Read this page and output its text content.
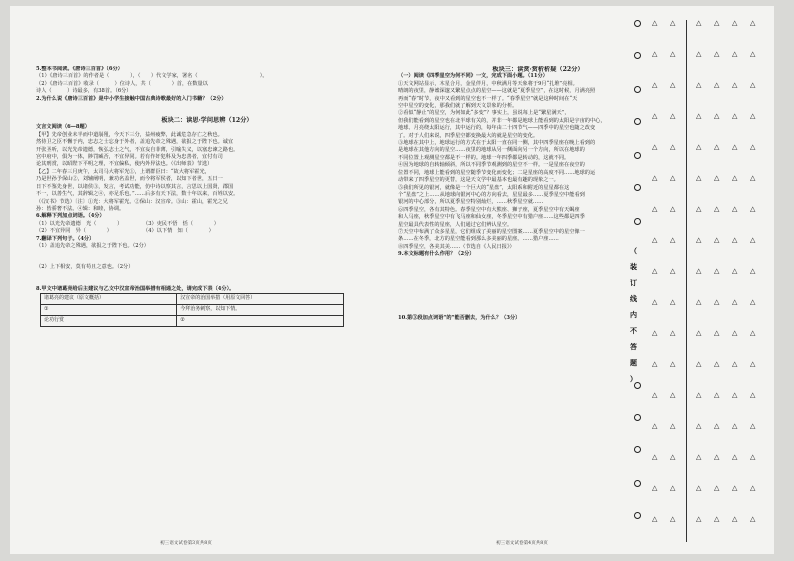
5.整本书阅读。《唐诗三百首》（6分）

（1）《唐诗三百首》的作者是（　　　　），（　　）代文学家，署名（　　　　　　　　　　　　）。

（2）《唐诗三百首》收录（　　　）位诗人，共（　　　　）首，在数量以

诗人（　　　）诗最多，有38首。（6分）

2.为什么说《唐诗三百首》是中小学生接触中国古典诗歌最好的入门书籍？（2分）

板块二：读思·学问思辨（12分）

文言文阅读（6—8题）

【甲】先帝创业未半而中道崩殂，今天下三分，益州疲弊，此诚危急存亡之秋也。

然侍卫之臣不懈于内，忠志之士忘身于外者，盖追先帝之殊遇，欲报之于陛下也。诚宜

开张圣听，以光先帝遗德，恢弘志士之气，不宜妄自菲薄，引喻失义，以塞忠谏之路也。

宫中府中，俱为一体，陟罚臧否，不宜异同。若有作奸犯科及为忠善者，宜付有司

论其刑赏，以昭陛下平明之理，不宜偏私，使内外异法也。（《出师表》节选）

【乙】二年春三月庚午，太司马大将军光①，上谓群臣曰：“故大将军霍光，

乃是世孙予保山②，刘辅阐明，兼功名盖世，而今将军侯者，以知下者世，五日一

日下不鉴先身世，以诸侯③，发言，考试功能，仿中诗以察其言，言思以上国贤，郡国

不一，以善生气，其辞辑之④，亦足乐也。”……后多有天下法，数十年以来，百姓以安。

（《汉书》节选）〔注〕①光：大将军霍光。②保山：汉宣帝。③山：霍山，霍光之兄

孙：皆骄奢不法。④辑：和睦，协调。

6.解释下列加点词语。（4分）

（1）以光先帝遗德　光（　　　　）　　　　　（3）吏民不悟　恬（　　　　）

（2）不宜异同　异（　　　　）　　　　　　　（4）以下情　知（　　　　）

7.翻译下列句子。（4分）

（1）盖追先帝之殊遇，欲报之于陛下也。（2分）

（2）上下相安，莫有苟且之意也。（2分）

8.甲文中诸葛亮给后主建议与乙文中汉宣帝治国举措有相通之处，请完成下表（4分）。

诸葛亮的建议（原文概括）	汉宣帝的治国举措（用原文回答）
①	今拜治务刺察，以知下情。
论功行赏	②
初三语文试卷第3页共8页

板块三：读赏·赏析析疑（22分）

（一）阅读《四季星空为何不同》一文，完成下面小题。（11分）

①天文网站显示，木星合月，金星伴月，中秋满月等天象将于9月“扎堆”亮相。

晴朗的夜里，静谧深邃又繁星点点的星空——这就是“夏季星空”，在这时候，月满亮照

再而“春”时节，夜中又看到的星空也不一样了。“春季星空”就是这种时间在“天

空中星空的变化，那我们就了解到天文景象的分析。

②看似“静止”的星空，为何如此“多变”？事实上，虽说每上是“繁星满天”，

但我们能看到的星空也在北半球有关的，并非一年都是地球上能看到的太阳是宇宙的中心，

地球、月亮绕太阳运行，其中运行的，每年由二十四节气——四季中的星空也随之改变

了。对于人们来说，四季星空都变换最大的就是星空的变化。

③地球在其中上，地球运行的方式在于太阳一直在同一侧，其中四季星座在晚上看到的

是地球在其他方向的星空……夜里的地球从另一侧面向另一个方向，所以在地球的

不同位置上观测星空都是不一样的。地球一年四季都是转动的，这就不同。

④因为地球的自转轴倾斜，所以不同季节观测到的星空不一样。一是星座在夜空的

位置不同，地球上能看到的星空随季节变化而变化；二是星座的高度不同……地球的运

动带来了四季星空的更替，这是天文学中最基本也最有趣的现象之一。

⑤我们所见的银河，就像是一个巨大的“星盘”，太阳系和附近的星星都在这

个“星盘”之上……从地球向银河中心的方向看去，星星最多……夏季星空中能看到

银河的中心部分，所以夏季星空特别灿烂，……秋季星空就……

⑥四季星空，各有其特色。春季星空中有大熊座、狮子座，夏季星空中有天蝎座

和人马座，秋季星空中有飞马座和仙女座，冬季星空中有猎户座……这些都是四季

星空最具代表性的星座，人们通过它们辨认星空。

⑦天空中布满了众多星星，它们组成了美丽的星空图案……夏季星空中的星空像一

条……在冬季，北方的星空能看到那么多美丽的星座。……猎户座……

⑧四季星空，各美其美……（节选自《人民日报》）

9.本文标题有什么作用？（2分）

10.第③段加点词语“的”能否删去，为什么？（3分）

初三语文试卷第4页共8页
△ △	△ △ △ △
△ △	△ △ △ △
△ △	△ △ △ △
△ △	△ △ △ △
△ △	△ △ △ △
△ △	△ △ △ △
△ △	△ △ △ △
△ △	△ △ △ △
△ △	△ △ △ △
△ △	△ △ △ △
△ △	△ △ △ △
△ △	△ △ △ △
△ △	△ △ △ △
△ △	△ △ △ △
△ △	△ △ △ △
△ △	△ △ △ △
△ △	△ △ △ △
（
装
订
线
内
不
答
题
）
